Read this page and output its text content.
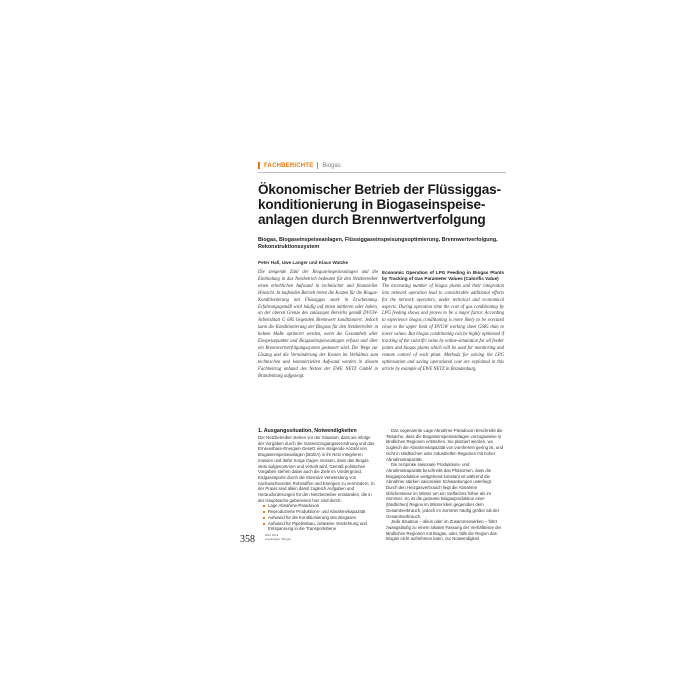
FACHBERICHTE Biogas
Ökonomischer Betrieb der Flüssiggaskonditionierung in Biogaseinspeiseanlagen durch Brennwertverfolgung
Biogas, Biogaseinspeiseanlagen, Flüssiggaseinspeisungsoptimierung, Brennwertverfolgung, Rekonstruktionssystem
Peter Hall, Uwe Langer und Klaus Watzke
Die steigende Zahl der Biogaseinspeiseanlagen und die Einbindung in das Netzbetrieb bedeuten für den Netzbetreiber einen erheblichen Aufwand in technischer und finanzieller Hinsicht. In laufenden Betrieb treten die Kosten für die Biogas-Konditionierung mit Flüssiggas stark in Erscheinung. Erfahrungsgemäß wird häufig auf einen mittleren oder hohen, an der oberen Grenze des zulässigen Bereichs gemäß DVGW-Arbeitsblatt G 685 liegenden Brennwert konditioniert. Jedoch kann die Konditionierung der Biogase für den Netzbetreiber in hohem Maße optimiert werden, wenn die Gesamtheit aller Einspeisepunkte und Biogaseinspeiseanlagen erfasst und über ein Brennwertverfolgungssystem gesteuert wird. Die Wege zur Lösung und die Verminderung der Kosten im Verhältnis zum technischen und kommerziellen Aufwand werden in diesem Fachbeitrag anhand des Netzes der EWE NETZ GmbH in Brandenburg aufgezeigt.
Economic Operation of LPG Feeding in Biogas Plants by Tracking of Gas Parameter Values (Calorific Value)
The increasing number of biogas plants and their integration into network operation lead to considerable additional efforts for the network operators, under technical and economical aspects. During operation time the cost of gas conditioning by LPG feeding shows and proves to be a major factor. According to experience biogas conditioning is more likely to be executed close to the upper limit of DVGW working sheet G685 than to lower values. But biogas conditioning can be highly optimised if tracking of the calorific value by online-simulation for all feeder points and biogas plants which will be used for monitoring and remote control of each plant. Methods for solving the LPG optimisation and saving operational cost are explained in this article by example of EWE NETZ in Brandenburg.
1. Ausgangssituation, Notwendigkeiten

Der Netzbetreiber stehen vor der Situation, dass sie infolge der Vorgaben durch die Gasnetzzugangsverordnung und das Erneuerbare-Energien-Gesetz eine steigende Anzahl von Biogaseinspeiseanlagen (BGEA) in ihr Netz integrieren müssen und dafür Sorge tragen müssen, dass das Biogas stets aufgenommen und verteilt wird. Gemäß politischen Vorgaben stehen dabei auch die Ziele im Vordergrund, Erdgasimporte durch die intensive Verwendung von nachwachsenden Rohstoffen und Energien zu vermindern. In der Praxis sind allein damit zugleich Aufgaben und Herausforderungen für den Netzbetreiber entstanden, die in der Hauptsache gebenenen hier sind durch:

Lage Abnahme-Paradoxon
Reproduzierte Produktions- und Abnahmekapazität
Aufwand für die Konditionierung des Biogases
Aufwand für Pipelinebau, zeitweise Verdichtung und Entspannung in die Transportebene

Das sogenannte Lage Abnahme-Paradoxon beschreibt die Tatsache, dass die Biogaseinspeiseanlagen vorzugsweise in ländlichen Regionen entstehen. Sie platziert werden, wo zugleich die Abnahmekapazität von vornherein gering ist, und nicht in städtischen oder industriellen Regionen mit hoher Abnahmekapazität.

Die reziproke saisonale Produktions- und Abnahmekapazität beschreibt das Phänomen, dass die Biogasproduktion weitgehend konstant ist während die Abnahme starken saisonalen Schwankungen unterliegt. Durch den Heizgasverbrauch liegt die Abnahme üblicherweise im Winter um ein Vielfaches höher als im Sommer. So ist die gesamte Biogasproduktion einer (ländlichen) Region im Winter klein gegenüber dem Gesamtverbrauch, jedoch im Sommer häufig größer als der Gesamtverbrauch.

Jede Situation – allein oder im Zusammenwirken – führt zwangsläufig zu einem lokalen Fassung der Verhältnisse der ländlichen Regionen mit Biogas, oder, falls die Region das Biogas nicht aufnehmen kann, zur Notwendigkeit

358	März 2013
Gas-Erdgas / Biogas
